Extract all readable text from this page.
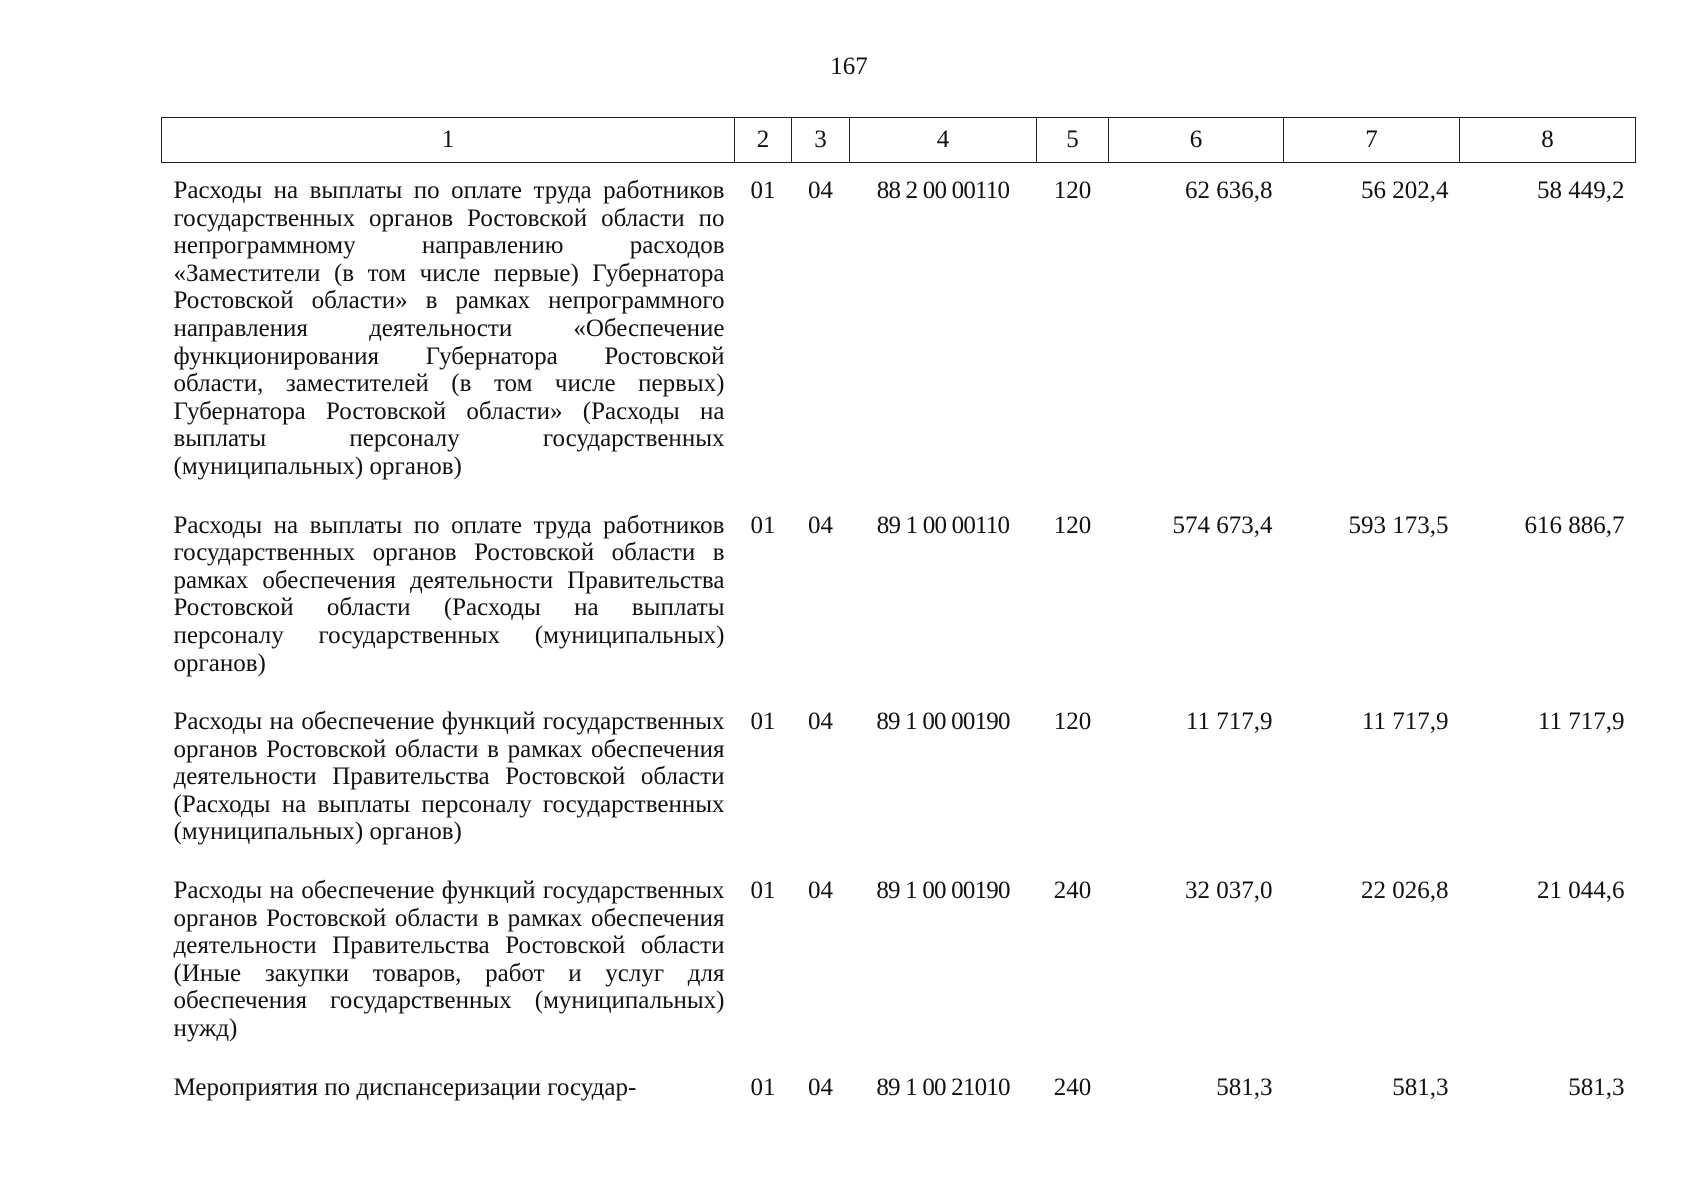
167
1	2	3	4	5	6	7	8
Расходы на выплаты по оплате труда работников государственных органов Ростовской области по непрограммному направлению расходов «Заместители (в том числе первые) Губернатора Ростовской области» в рамках непрограммного направления деятельности «Обеспечение функционирования Губернатора Ростовской области, заместителей (в том числе первых) Губернатора Ростовской области» (Расходы на выплаты персоналу государственных (муниципальных) органов)	01	04	88 2 00 00110	120	62 636,8	56 202,4	58 449,2
Расходы на выплаты по оплате труда работников государственных органов Ростовской области в рамках обеспечения деятельности Правительства Ростовской области (Расходы на выплаты персоналу государственных (муниципальных) органов)	01	04	89 1 00 00110	120	574 673,4	593 173,5	616 886,7
Расходы на обеспечение функций государственных органов Ростовской области в рамках обеспечения деятельности Правительства Ростовской области (Расходы на выплаты персоналу государственных (муниципальных) органов)	01	04	89 1 00 00190	120	11 717,9	11 717,9	11 717,9
Расходы на обеспечение функций государственных органов Ростовской области в рамках обеспечения деятельности Правительства Ростовской области (Иные закупки товаров, работ и услуг для обеспечения государственных (муниципальных) нужд)	01	04	89 1 00 00190	240	32 037,0	22 026,8	21 044,6
Мероприятия по диспансеризации государ-	01	04	89 1 00 21010	240	581,3	581,3	581,3
